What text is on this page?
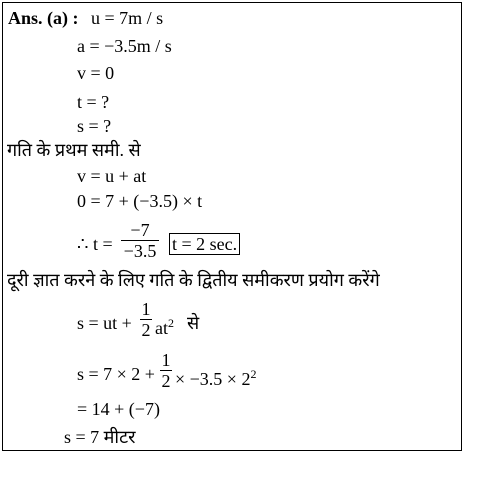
Ans. (a) : u = 7m / s
a = −3.5m / s
v = 0
t = ?
s = ?
गति के प्रथम समी. से
v = u + at
0 = 7 + (−3.5) × t
∴ t =
−7
−3.5 t = 2 sec.
दूरी ज्ञात करने के लिए गति के द्वितीय समीकरण प्रयोग करेंगे
s = ut +
1
2 $at^2$ से
s = 7 × 2 +
1
$2 \times -3.5 \times 2^2$
= 14 + (−7)
s = 7 मीटर
